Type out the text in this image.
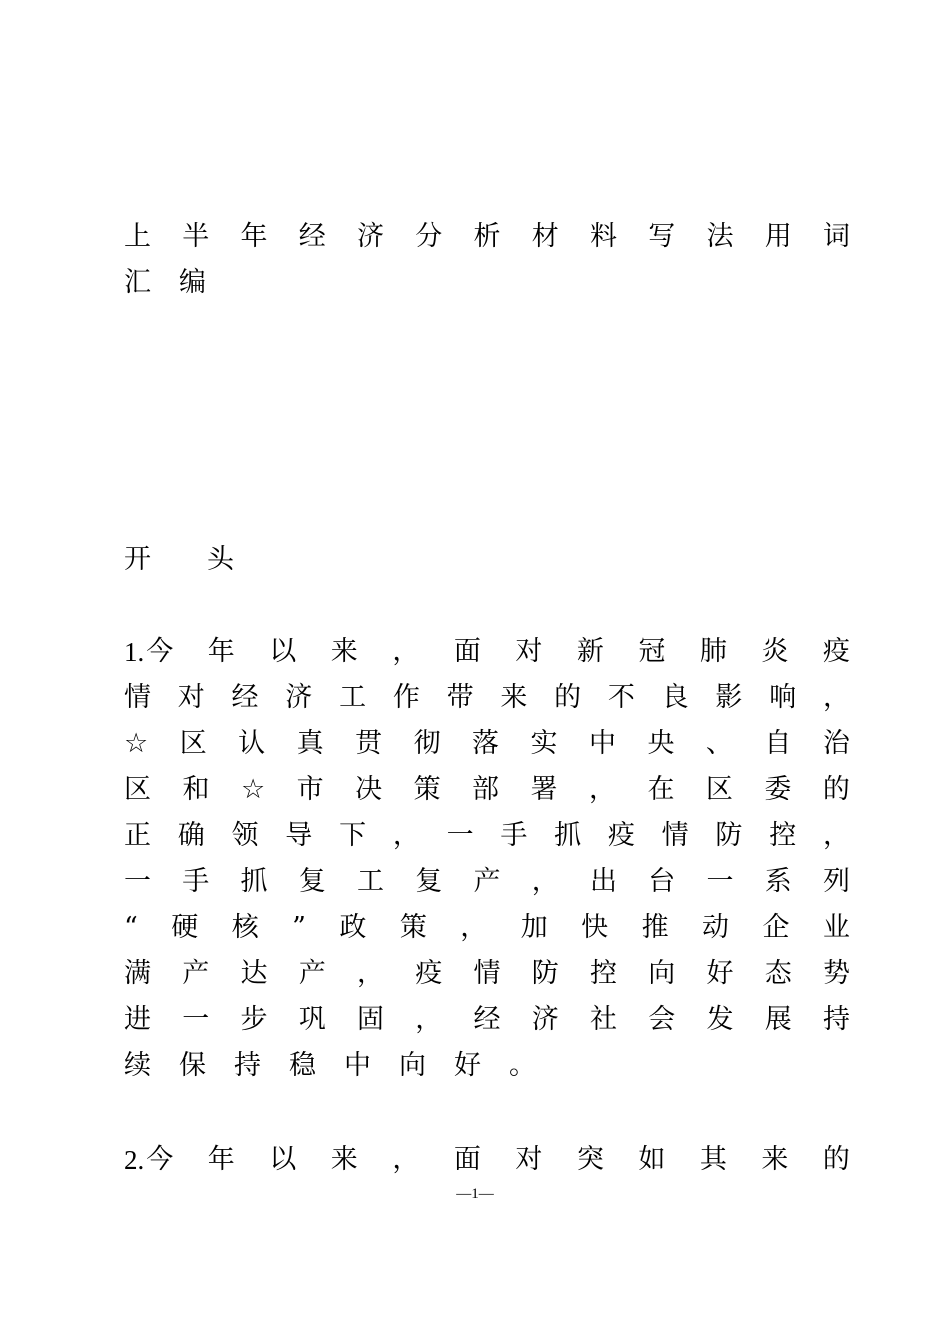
上 半 年 经 济 分 析 材 料 写 法 用 词
汇 编
开 头
1. 今 年 以 来 ， 面 对 新 冠 肺 炎 疫
情 对 经 济 工 作 带 来 的 不 良 影 响 ，
☆ 区 认 真 贯 彻 落 实 中 央 、 自 治
区 和 ☆ 市 决 策 部 署 ， 在 区 委 的
正 确 领 导 下 ， 一 手 抓 疫 情 防 控 ，
一 手 抓 复 工 复 产 ， 出 台 一 系 列
“ 硬 核 ” 政 策 ， 加 快 推 动 企 业
满 产 达 产 ， 疫 情 防 控 向 好 态 势
进 一 步 巩 固 ， 经 济 社 会 发 展 持
续 保 持 稳 中 向 好 。
2. 今 年 以 来 ， 面 对 突 如 其 来 的
—1—
